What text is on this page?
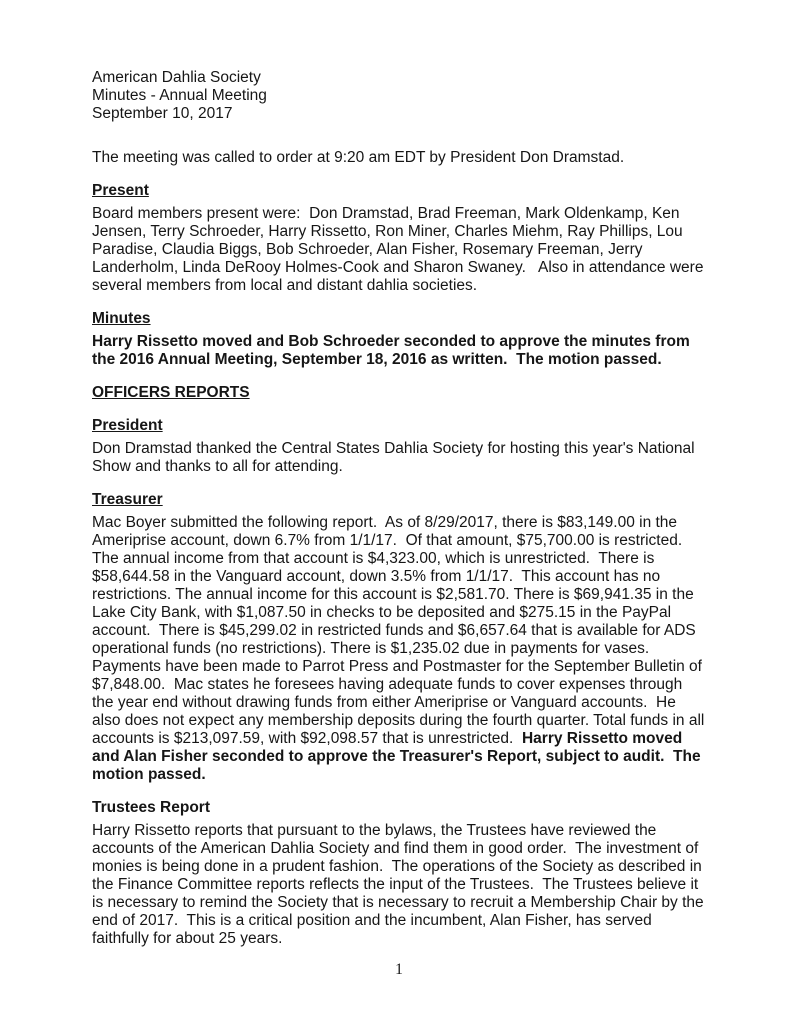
American Dahlia Society
Minutes - Annual Meeting
September 10, 2017

The meeting was called to order at 9:20 am EDT by President Don Dramstad.

Present

Board members present were:  Don Dramstad, Brad Freeman, Mark Oldenkamp, Ken Jensen, Terry Schroeder, Harry Rissetto, Ron Miner, Charles Miehm, Ray Phillips, Lou Paradise, Claudia Biggs, Bob Schroeder, Alan Fisher, Rosemary Freeman, Jerry Landerholm, Linda DeRooy Holmes-Cook and Sharon Swaney.   Also in attendance were several members from local and distant dahlia societies.

Minutes

Harry Rissetto moved and Bob Schroeder seconded to approve the minutes from the 2016 Annual Meeting, September 18, 2016 as written.  The motion passed.

OFFICERS REPORTS
President

Don Dramstad thanked the Central States Dahlia Society for hosting this year's National Show and thanks to all for attending.

Treasurer

Mac Boyer submitted the following report.  As of 8/29/2017, there is $83,149.00 in the Ameriprise account, down 6.7% from 1/1/17.  Of that amount, $75,700.00 is restricted. The annual income from that account is $4,323.00, which is unrestricted.  There is $58,644.58 in the Vanguard account, down 3.5% from 1/1/17.  This account has no restrictions. The annual income for this account is $2,581.70. There is $69,941.35 in the Lake City Bank, with $1,087.50 in checks to be deposited and $275.15 in the PayPal account.  There is $45,299.02 in restricted funds and $6,657.64 that is available for ADS operational funds (no restrictions). There is $1,235.02 due in payments for vases. Payments have been made to Parrot Press and Postmaster for the September Bulletin of $7,848.00.  Mac states he foresees having adequate funds to cover expenses through the year end without drawing funds from either Ameriprise or Vanguard accounts.  He also does not expect any membership deposits during the fourth quarter. Total funds in all accounts is $213,097.59, with $92,098.57 that is unrestricted.  Harry Rissetto moved and Alan Fisher seconded to approve the Treasurer's Report, subject to audit.  The motion passed.

Trustees Report

Harry Rissetto reports that pursuant to the bylaws, the Trustees have reviewed the accounts of the American Dahlia Society and find them in good order.  The investment of monies is being done in a prudent fashion.  The operations of the Society as described in the Finance Committee reports reflects the input of the Trustees.  The Trustees believe it is necessary to remind the Society that is necessary to recruit a Membership Chair by the end of 2017.  This is a critical position and the incumbent, Alan Fisher, has served faithfully for about 25 years.

1
